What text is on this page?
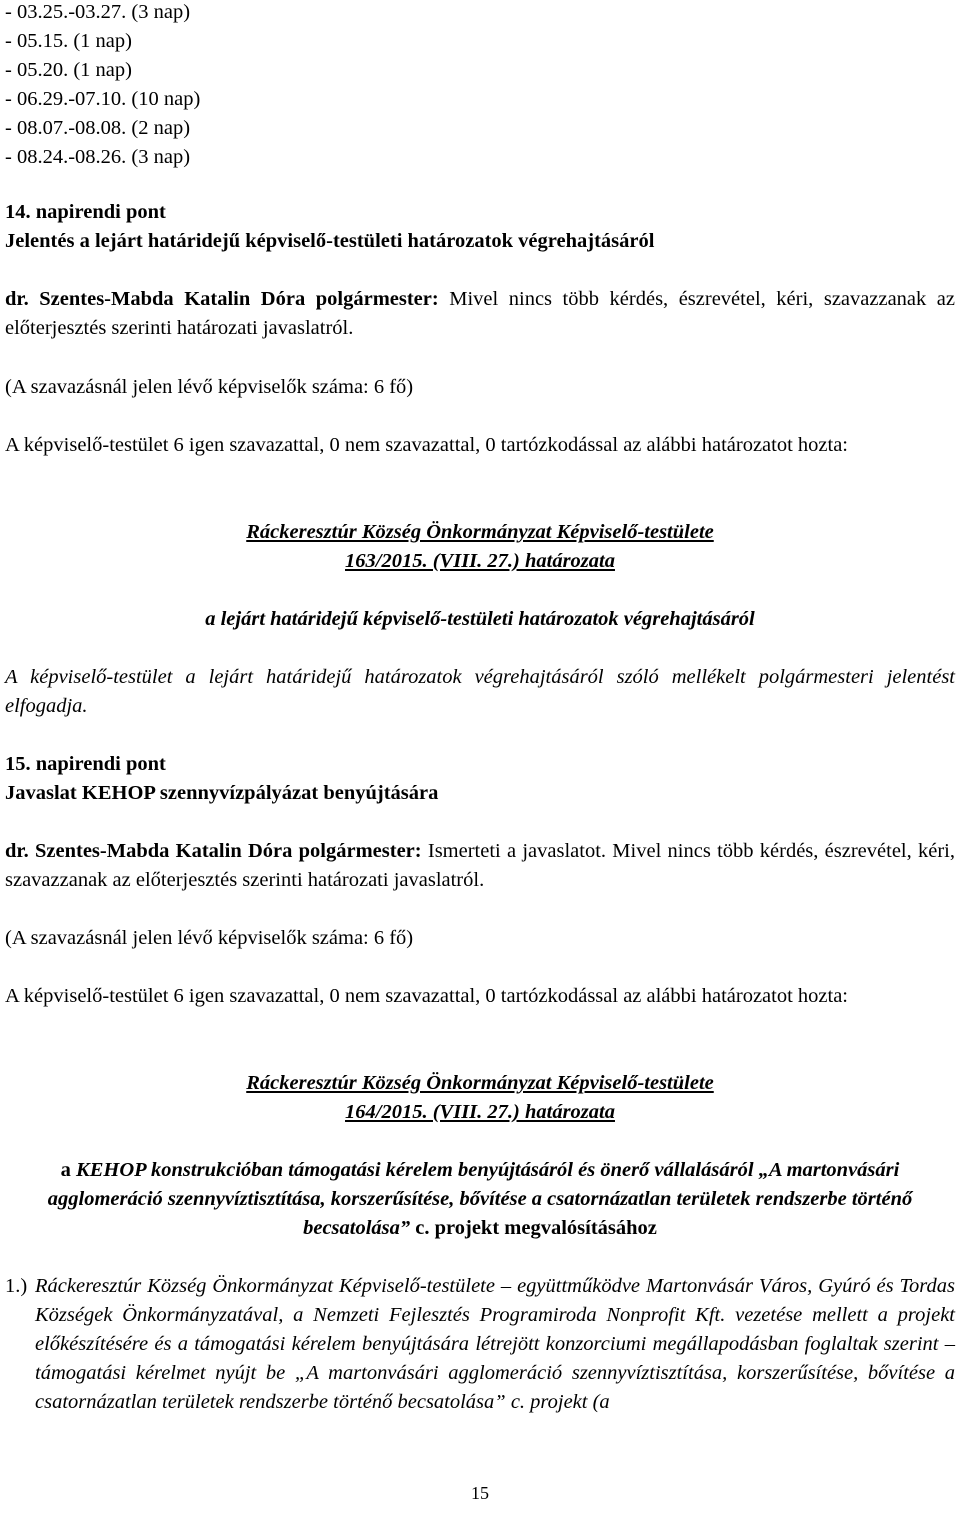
- 03.25.-03.27. (3 nap)
- 05.15. (1 nap)
- 05.20. (1 nap)
- 06.29.-07.10. (10 nap)
- 08.07.-08.08. (2 nap)
- 08.24.-08.26. (3 nap)
14. napirendi pont
Jelentés a lejárt határidejű képviselő-testületi határozatok végrehajtásáról

dr. Szentes-Mabda Katalin Dóra polgármester: Mivel nincs több kérdés, észrevétel, kéri, szavazzanak az előterjesztés szerinti határozati javaslatról.

(A szavazásnál jelen lévő képviselők száma: 6 fő)

A képviselő-testület 6 igen szavazattal, 0 nem szavazattal, 0 tartózkodással az alábbi határozatot hozta:

Ráckeresztúr Község Önkormányzat Képviselő-testülete
163/2015. (VIII. 27.) határozata

a lejárt határidejű képviselő-testületi határozatok végrehajtásáról

A képviselő-testület a lejárt határidejű határozatok végrehajtásáról szóló mellékelt polgármesteri jelentést elfogadja.

15. napirendi pont
Javaslat KEHOP szennyvízpályázat benyújtására

dr. Szentes-Mabda Katalin Dóra polgármester: Ismerteti a javaslatot. Mivel nincs több kérdés, észrevétel, kéri, szavazzanak az előterjesztés szerinti határozati javaslatról.

(A szavazásnál jelen lévő képviselők száma: 6 fő)

A képviselő-testület 6 igen szavazattal, 0 nem szavazattal, 0 tartózkodással az alábbi határozatot hozta:

Ráckeresztúr Község Önkormányzat Képviselő-testülete
164/2015. (VIII. 27.) határozata

a KEHOP konstrukcióban támogatási kérelem benyújtásáról és önerő vállalásáról „A martonvásári agglomeráció szennyvíztisztítása, korszerűsítése, bővítése a csatornázatlan területek rendszerbe történő becsatolása” c. projekt megvalósításához

1.) Ráckeresztúr Község Önkormányzat Képviselő-testülete – együttműködve Martonvásár Város, Gyúró és Tordas Községek Önkormányzatával, a Nemzeti Fejlesztés Programiroda Nonprofit Kft. vezetése mellett a projekt előkészítésére és a támogatási kérelem benyújtására létrejött konzorciumi megállapodásban foglaltak szerint – támogatási kérelmet nyújt be „A martonvásári agglomeráció szennyvíztisztítása, korszerűsítése, bővítése a csatornázatlan területek rendszerbe történő becsatolása” c. projekt (a
15
